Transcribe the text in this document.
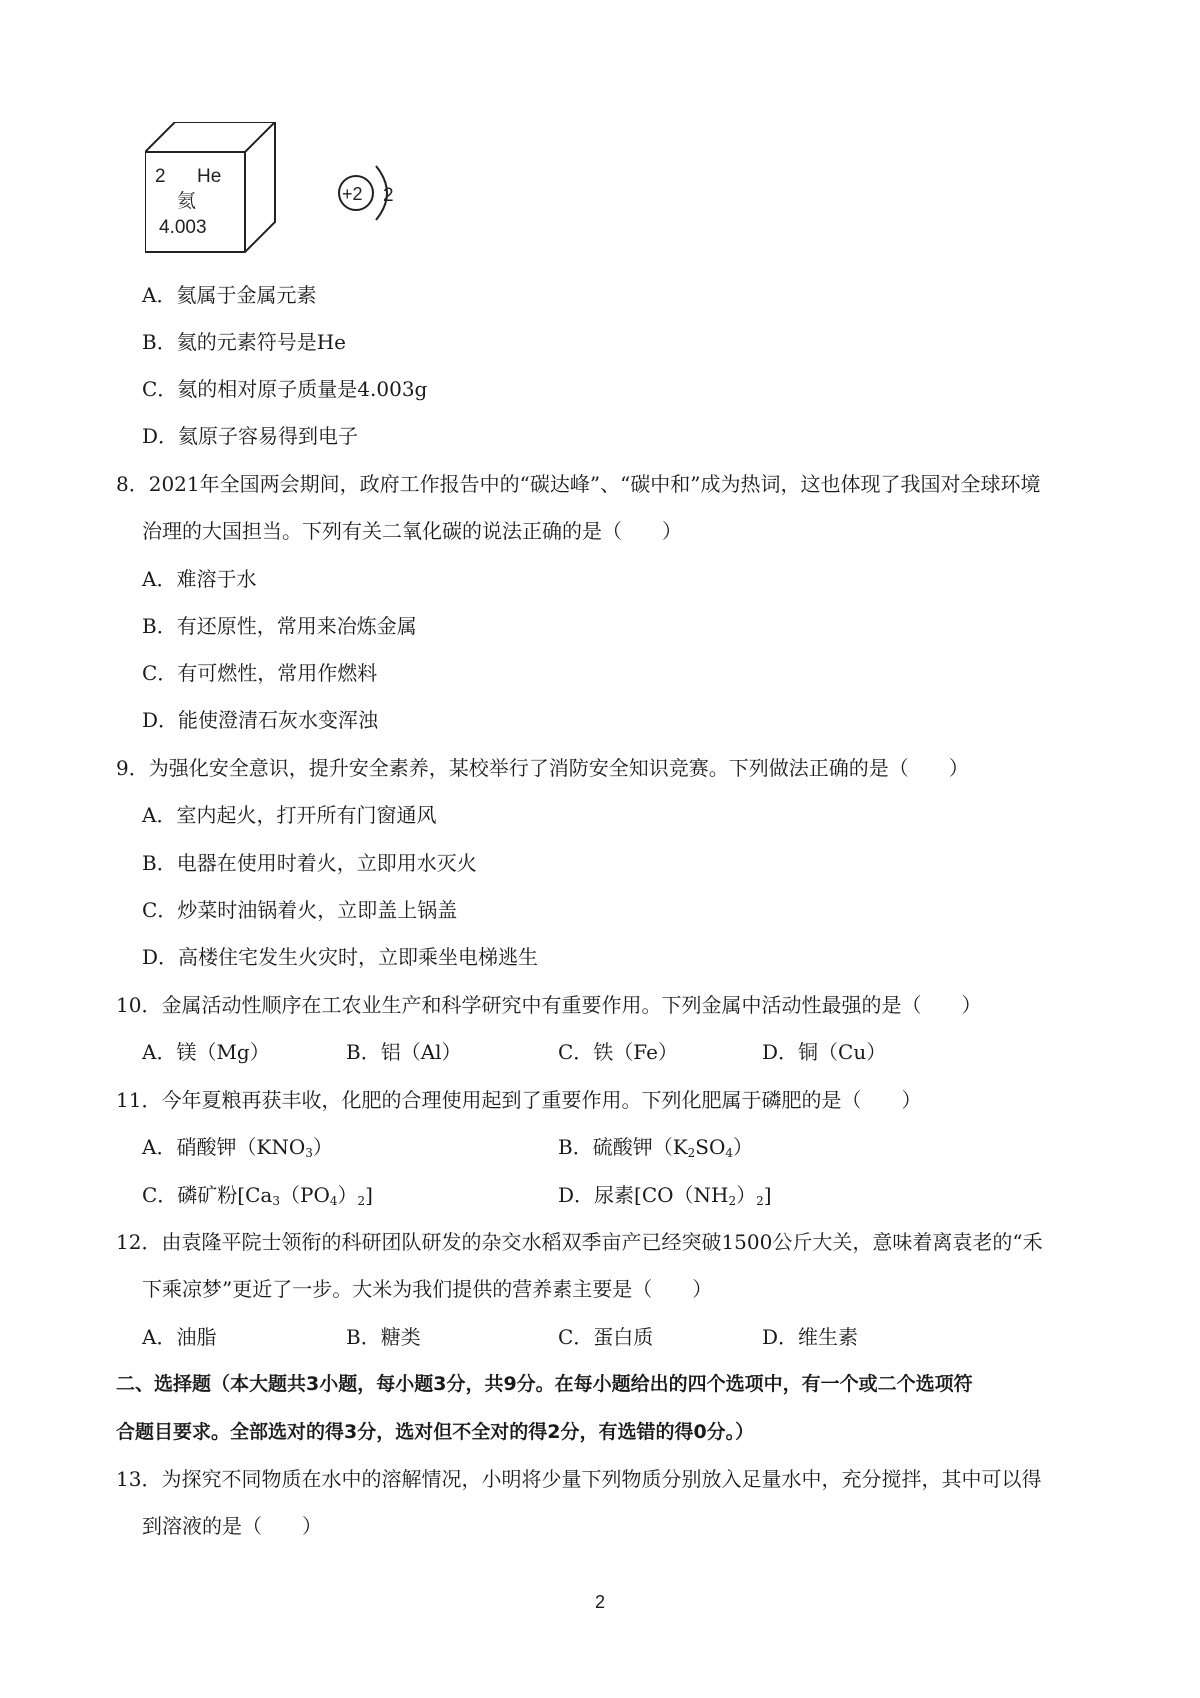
2 He
氦
4.003
+2 2
A．氦属于金属元素
B．氦的元素符号是He
C．氦的相对原子质量是4.003g
D．氦原子容易得到电子
8．2021年全国两会期间，政府工作报告中的“碳达峰”、“碳中和”成为热词，这也体现了我国对全球环境
治理的大国担当。下列有关二氧化碳的说法正确的是（　　）
A．难溶于水
B．有还原性，常用来冶炼金属
C．有可燃性，常用作燃料
D．能使澄清石灰水变浑浊
9．为强化安全意识，提升安全素养，某校举行了消防安全知识竞赛。下列做法正确的是（　　）
A．室内起火，打开所有门窗通风
B．电器在使用时着火，立即用水灭火
C．炒菜时油锅着火，立即盖上锅盖
D．高楼住宅发生火灾时，立即乘坐电梯逃生
10．金属活动性顺序在工农业生产和科学研究中有重要作用。下列金属中活动性最强的是（　　）
A．镁（Mg）	B．铝（Al）	C．铁（Fe）	D．铜（Cu）
11．今年夏粮再获丰收，化肥的合理使用起到了重要作用。下列化肥属于磷肥的是（　　）
A．硝酸钾$(KNO_3)$	B．硫酸钾$(K_2SO_4)$
C．磷矿粉$[Ca_3(PO_4)_2]$	D．尿素$[CO(NH_2)_2]$
12．由袁隆平院士领衔的科研团队研发的杂交水稻双季亩产已经突破1500公斤大关，意味着离袁老的“禾
下乘凉梦”更近了一步。大米为我们提供的营养素主要是（　　）
A．油脂	B．糖类	C．蛋白质	D．维生素
二、选择题（本大题共3小题，每小题3分，共9分。在每小题给出的四个选项中，有一个或二个选项符
合题目要求。全部选对的得3分，选对但不全对的得2分，有选错的得0分。）
13．为探究不同物质在水中的溶解情况，小明将少量下列物质分别放入足量水中，充分搅拌，其中可以得
到溶液的是（　　）
2
